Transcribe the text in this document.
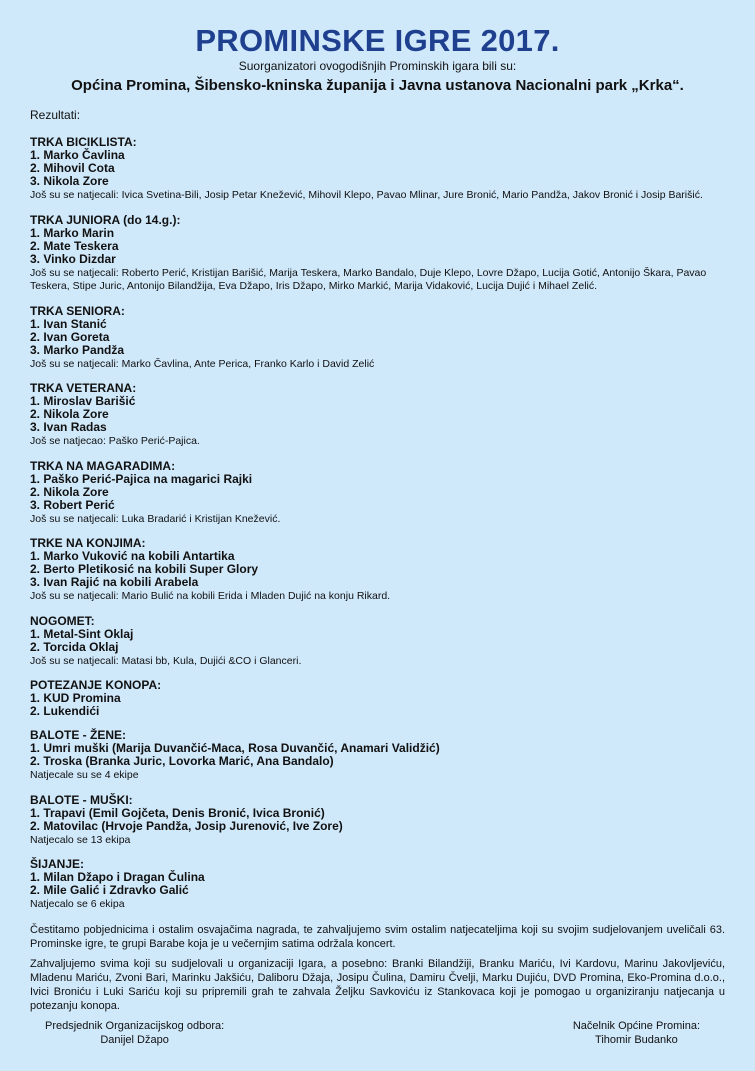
PROMINSKE IGRE 2017.
Suorganizatori ovogodišnjih Prominskih igara bili su:
Općina Promina, Šibensko-kninska županija i Javna ustanova Nacionalni park „Krka“.
Rezultati:
TRKA BICIKLISTA:
1. Marko Čavlina
2. Mihovil Cota
3. Nikola Zore
Još su se natjecali: Ivica Svetina-Bili, Josip Petar Knežević, Mihovil Klepo, Pavao Mlinar, Jure Bronić, Mario Pandža, Jakov Bronić i Josip Barišić.
TRKA JUNIORA (do 14.g.):
1. Marko Marin
2. Mate Teskera
3. Vinko Dizdar
Još su se natjecali: Roberto Perić, Kristijan Barišić, Marija Teskera, Marko Bandalo, Duje Klepo, Lovre Džapo, Lucija Gotić, Antonijo Škara, Pavao Teskera, Stipe Juric, Antonijo Bilandžija, Eva Džapo, Iris Džapo, Mirko Markić, Marija Vidaković, Lucija Dujić i Mihael Zelić.
TRKA SENIORA:
1. Ivan Stanić
2. Ivan Goreta
3. Marko Pandža
Još su se natjecali: Marko Čavlina, Ante Perica, Franko Karlo i David Zelić
TRKA VETERANA:
1. Miroslav Barišić
2. Nikola Zore
3. Ivan Radas
Još se natjecao: Paško Perić-Pajica.
TRKA NA MAGARADIMA:
1. Paško Perić-Pajica na magarici Rajki
2. Nikola Zore
3. Robert Perić
Još su se natjecali: Luka Bradarić i Kristijan Knežević.
TRKE NA KONJIMA:
1. Marko Vuković na kobili Antartika
2. Berto Pletikosić na kobili Super Glory
3. Ivan Rajić na kobili Arabela
Još su se natjecali: Mario Bulić na kobili Erida i Mladen Dujić na konju Rikard.
NOGOMET:
1. Metal-Sint Oklaj
2. Torcida Oklaj
Još su se natjecali: Matasi bb, Kula, Dujići &CO i Glanceri.
POTEZANJE KONOPA:
1. KUD Promina
2. Lukendići
BALOTE - ŽENE:
1. Umri muški (Marija Duvančić-Maca, Rosa Duvančić, Anamari Validžić)
2. Troska (Branka Juric, Lovorka Marić, Ana Bandalo)
Natjecale su se 4 ekipe
BALOTE - MUŠKI:
1. Trapavi (Emil Gojčeta, Denis Bronić, Ivica Bronić)
2. Matovilac (Hrvoje Pandža, Josip Jurenović, Ive Zore)
Natjecalo se 13 ekipa
ŠIJANJE:
1. Milan Džapo i Dragan Čulina
2. Mile Galić i Zdravko Galić
Natjecalo se 6 ekipa
Čestitamo pobjednicima i ostalim osvajačima nagrada, te zahvaljujemo svim ostalim natjecateljima koji su svojim sudjelovanjem uveličali 63. Prominske igre, te grupi Barabe koja je u večernjim satima održala koncert.
Zahvaljujemo svima koji su sudjelovali u organizaciji Igara, a posebno: Branki Bilandžiji, Branku Mariću, Ivi Kardovu, Marinu Jakovljeviću, Mladenu Mariću, Zvoni Bari, Marinku Jakšiću, Daliboru Džaja, Josipu Čulina, Damiru Čvelji, Marku Dujiću, DVD Promina, Eko-Promina d.o.o., Ivici Broniću i Luki Sariću koji su pripremili grah te zahvala Željku Savkoviću iz Stankovaca koji je pomogao u organiziranju natjecanja u potezanju konopa.
Predsjednik Organizacijskog odbora:
Danijel Džapo
Načelnik Općine Promina:
Tihomir Budanko
